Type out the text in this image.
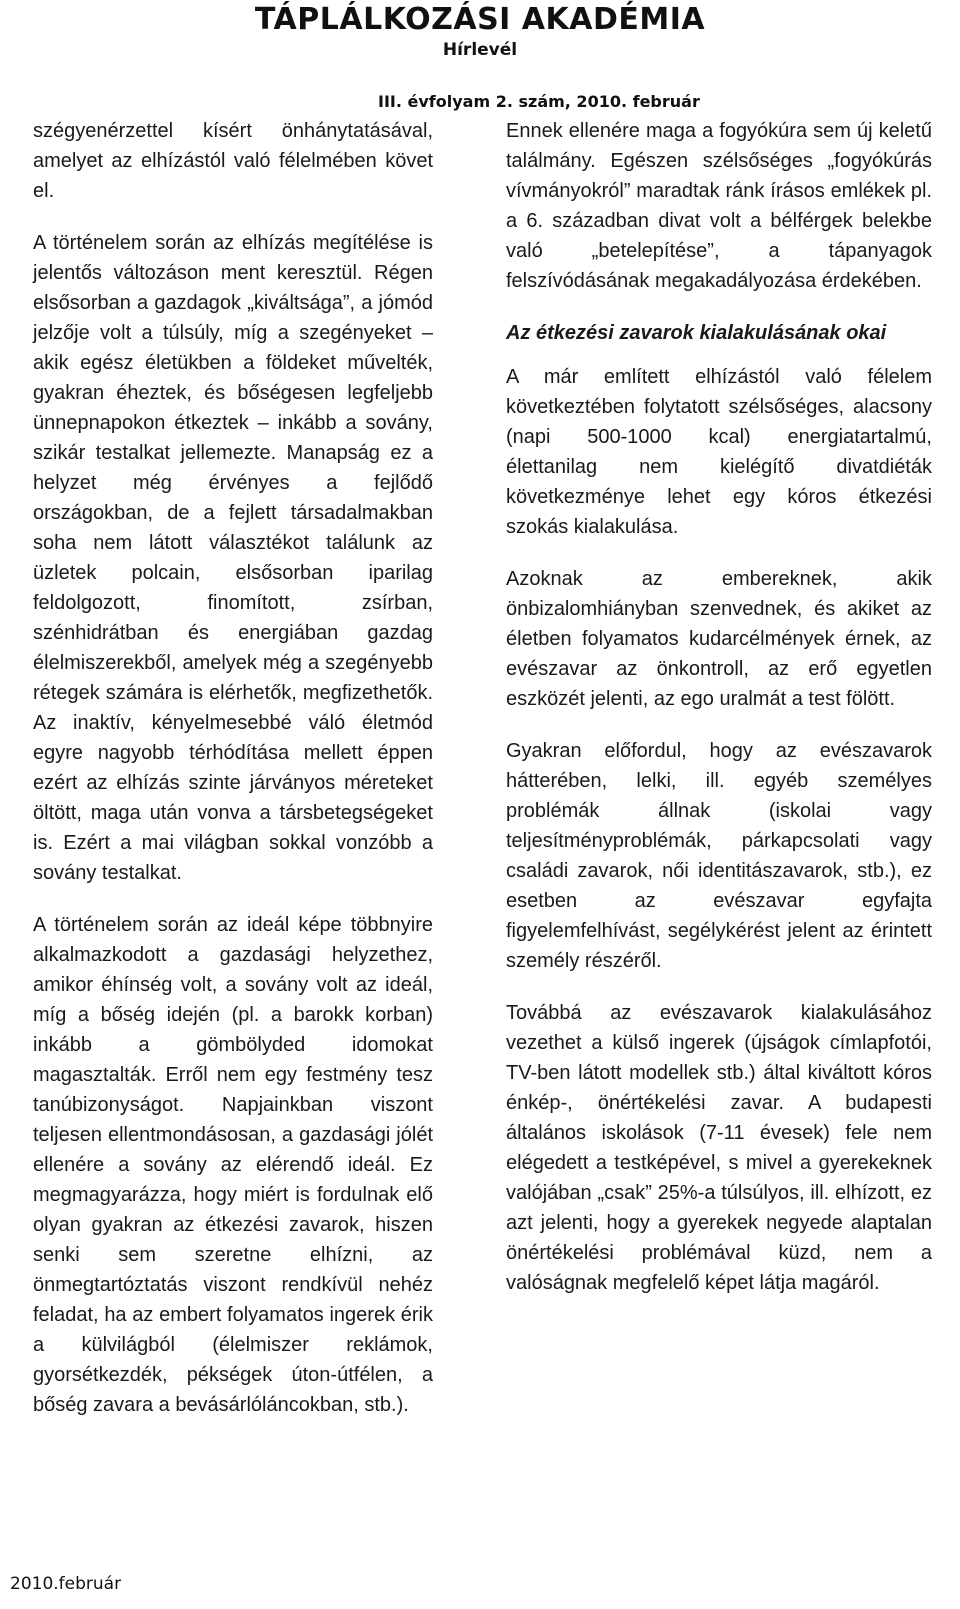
TÁPLÁLKOZÁSI AKADÉMIA
Hírlevél
III. évfolyam 2. szám, 2010. február

szégyenérzettel kísért önhánytatásával, amelyet az elhízástól való félelmében követ el.

A történelem során az elhízás megítélése is jelentős változáson ment keresztül. Régen elsősorban a gazdagok „kiváltsága”, a jómód jelzője volt a túlsúly, míg a szegényeket – akik egész életükben a földeket művelték, gyakran éheztek, és bőségesen legfeljebb ünnepnapokon étkeztek – inkább a sovány, szikár testalkat jellemezte. Manapság ez a helyzet még érvényes a fejlődő országokban, de a fejlett társadalmakban soha nem látott választékot találunk az üzletek polcain, elsősorban iparilag feldolgozott, finomított, zsírban, szénhidrátban és energiában gazdag élelmiszerekből, amelyek még a szegényebb rétegek számára is elérhetők, megfizethetők. Az inaktív, kényelmesebbé váló életmód egyre nagyobb térhódítása mellett éppen ezért az elhízás szinte járványos méreteket öltött, maga után vonva a társbetegségeket is. Ezért a mai világban sokkal vonzóbb a sovány testalkat.

A történelem során az ideál képe többnyire alkalmazkodott a gazdasági helyzethez, amikor éhínség volt, a sovány volt az ideál, míg a bőség idején (pl. a barokk korban) inkább a gömbölyded idomokat magasztalták. Erről nem egy festmény tesz tanúbizonyságot. Napjainkban viszont teljesen ellentmondásosan, a gazdasági jólét ellenére a sovány az elérendő ideál. Ez megmagyarázza, hogy miért is fordulnak elő olyan gyakran az étkezési zavarok, hiszen senki sem szeretne elhízni, az önmegtartóztatás viszont rendkívül nehéz feladat, ha az embert folyamatos ingerek érik a külvilágból (élelmiszer reklámok, gyorsétkezdék, pékségek úton-útfélen, a bőség zavara a bevásárlóláncokban, stb.).

Ennek ellenére maga a fogyókúra sem új keletű találmány. Egészen szélsőséges „fogyókúrás vívmányokról” maradtak ránk írásos emlékek pl. a 6. században divat volt a bélférgek belekbe való „betelepítése”, a tápanyagok felszívódásának megakadályozása érdekében.

Az étkezési zavarok kialakulásának okai

A már említett elhízástól való félelem következtében folytatott szélsőséges, alacsony (napi 500-1000 kcal) energiatartalmú, élettanilag nem kielégítő divatdiéták következménye lehet egy kóros étkezési szokás kialakulása.

Azoknak az embereknek, akik önbizalomhiányban szenvednek, és akiket az életben folyamatos kudarcélmények érnek, az evészavar az önkontroll, az erő egyetlen eszközét jelenti, az ego uralmát a test fölött.

Gyakran előfordul, hogy az evészavarok hátterében, lelki, ill. egyéb személyes problémák állnak (iskolai vagy teljesítményproblémák, párkapcsolati vagy családi zavarok, női identitászavarok, stb.), ez esetben az evészavar egyfajta figyelemfelhívást, segélykérést jelent az érintett személy részéről.

Továbbá az evészavarok kialakulásához vezethet a külső ingerek (újságok címlapfotói, TV-ben látott modellek stb.) által kiváltott kóros énkép-, önértékelési zavar. A budapesti általános iskolások (7-11 évesek) fele nem elégedett a testképével, s mivel a gyerekeknek valójában „csak” 25%-a túlsúlyos, ill. elhízott, ez azt jelenti, hogy a gyerekek negyede alaptalan önértékelési problémával küzd, nem a valóságnak megfelelő képet látja magáról.

2010.február
